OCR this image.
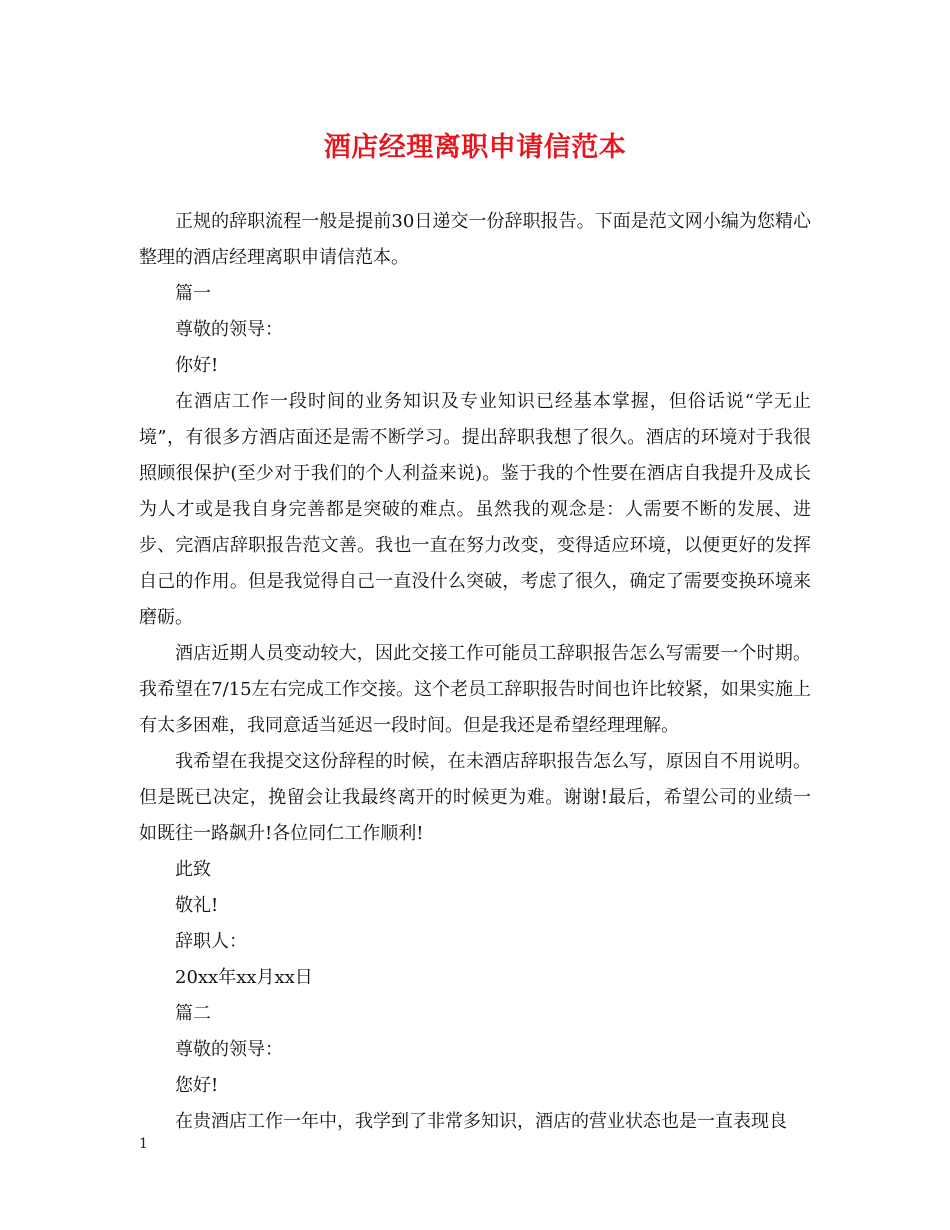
酒店经理离职申请信范本

正规的辞职流程一般是提前30日递交一份辞职报告。下面是范文网小编为您精心整理的酒店经理离职申请信范本。

篇一

尊敬的领导：

你好!

在酒店工作一段时间的业务知识及专业知识已经基本掌握，但俗话说“学无止境”，有很多方酒店面还是需不断学习。提出辞职我想了很久。酒店的环境对于我很照顾很保护(至少对于我们的个人利益来说)。鉴于我的个性要在酒店自我提升及成长为人才或是我自身完善都是突破的难点。虽然我的观念是：人需要不断的发展、进步、完酒店辞职报告范文善。我也一直在努力改变，变得适应环境，以便更好的发挥自己的作用。但是我觉得自己一直没什么突破，考虑了很久，确定了需要变换环境来磨砺。

酒店近期人员变动较大，因此交接工作可能员工辞职报告怎么写需要一个时期。我希望在7/15左右完成工作交接。这个老员工辞职报告时间也许比较紧，如果实施上有太多困难，我同意适当延迟一段时间。但是我还是希望经理理解。

我希望在我提交这份辞程的时候，在未酒店辞职报告怎么写，原因自不用说明。但是既已决定，挽留会让我最终离开的时候更为难。谢谢!最后，希望公司的业绩一如既往一路飙升!各位同仁工作顺利!

此致

敬礼!

辞职人：

20xx年xx月xx日

篇二

尊敬的领导：

您好!

在贵酒店工作一年中，我学到了非常多知识，酒店的营业状态也是一直表现良

1
